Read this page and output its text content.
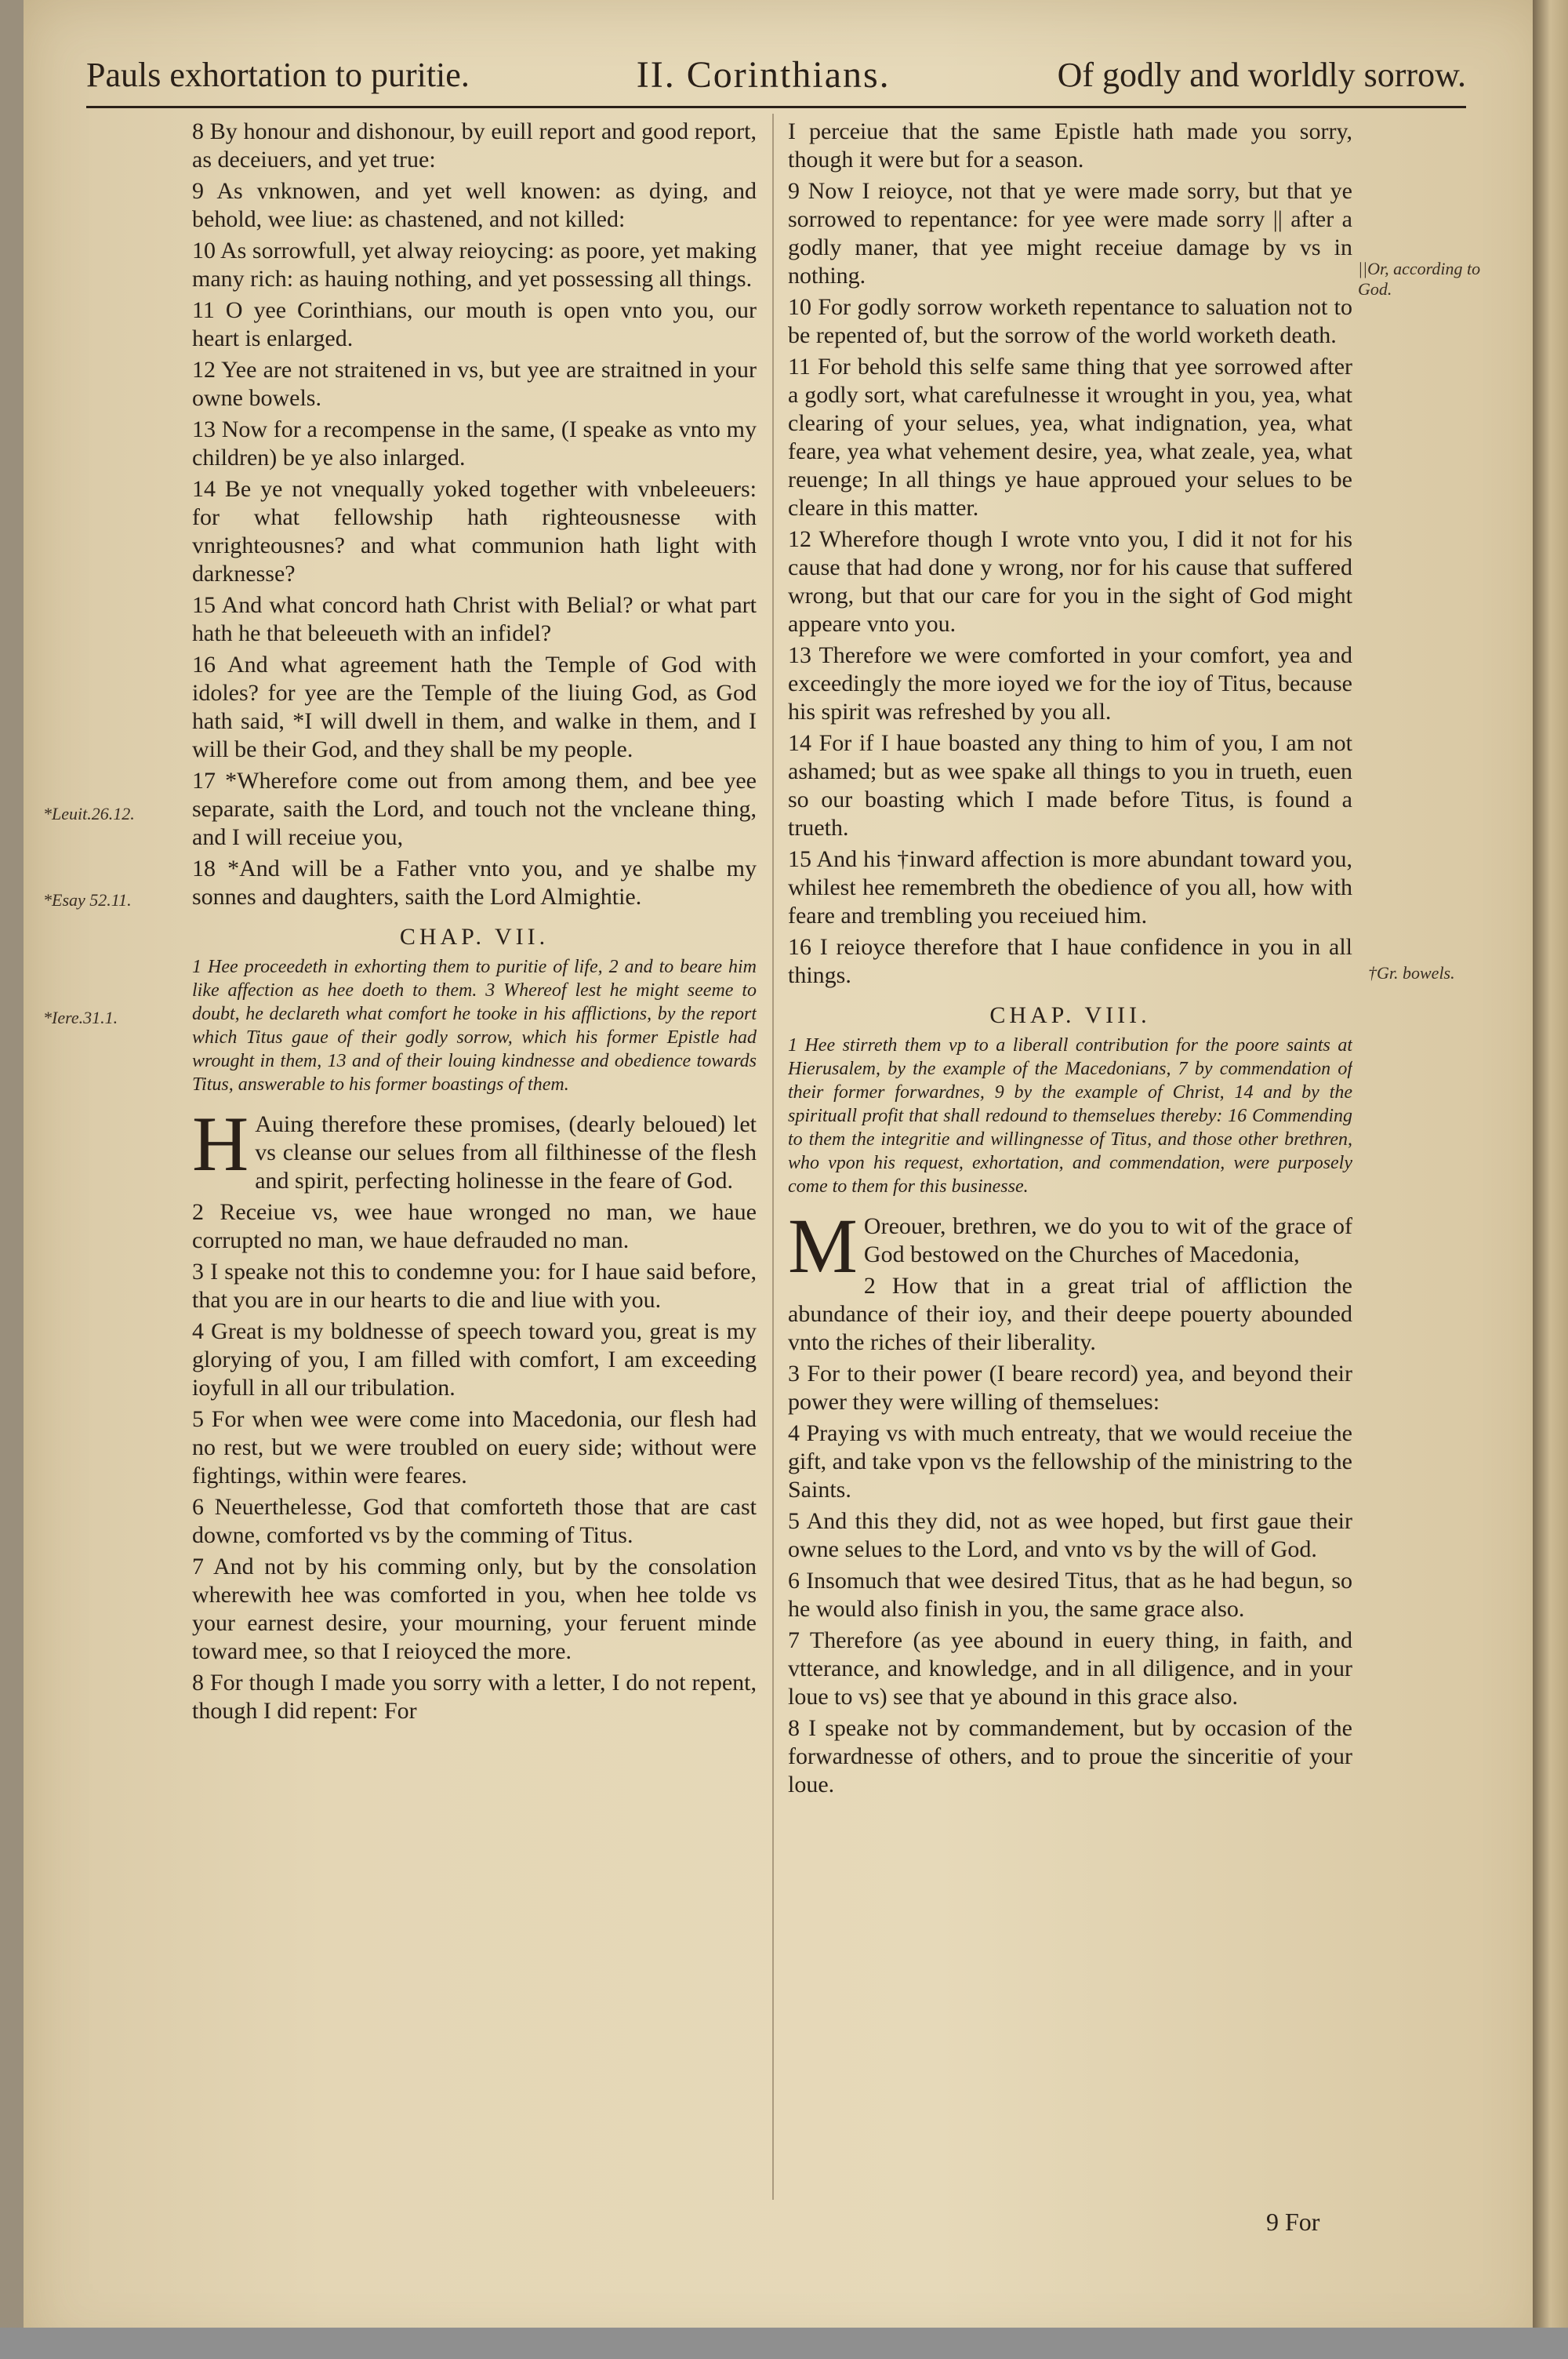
Pauls exhortation to puritie.	II. Corinthians.	Of godly and worldly sorrow.

8 By honour and dishonour, by euill report and good report, as deceiuers, and yet true:

9 As vnknowen, and yet well knowen: as dying, and behold, wee liue: as chastened, and not killed:

10 As sorrowfull, yet alway reioycing: as poore, yet making many rich: as hauing nothing, and yet possessing all things.

11 O yee Corinthians, our mouth is open vnto you, our heart is enlarged.

12 Yee are not straitened in vs, but yee are straitned in your owne bowels.

13 Now for a recompense in the same, (I speake as vnto my children) be ye also inlarged.

14 Be ye not vnequally yoked together with vnbeleeuers: for what fellowship hath righteousnesse with vnrighteousnes? and what communion hath light with darknesse?

15 And what concord hath Christ with Belial? or what part hath he that beleeueth with an infidel?

16 And what agreement hath the Temple of God with idoles? for yee are the Temple of the liuing God, as God hath said, *I will dwell in them, and walke in them, and I will be their God, and they shall be my people.

17 *Wherefore come out from among them, and bee yee separate, saith the Lord, and touch not the vncleane thing, and I will receiue you,

18 *And will be a Father vnto you, and ye shalbe my sonnes and daughters, saith the Lord Almightie.

CHAP. VII.
1 Hee proceedeth in exhorting them to puritie of life, 2 and to beare him like affection as hee doeth to them. 3 Whereof lest he might seeme to doubt, he declareth what comfort he tooke in his afflictions, by the report which Titus gaue of their godly sorrow, which his former Epistle had wrought in them, 13 and of their louing kindnesse and obedience towards Titus, answerable to his former boastings of them.

H Auing therefore these promises, (dearly beloued) let vs cleanse our selues from all filthinesse of the flesh and spirit, perfecting holinesse in the feare of God.

2 Receiue vs, wee haue wronged no man, we haue corrupted no man, we haue defrauded no man.

3 I speake not this to condemne you: for I haue said before, that you are in our hearts to die and liue with you.

4 Great is my boldnesse of speech toward you, great is my glorying of you, I am filled with comfort, I am exceeding ioyfull in all our tribulation.

5 For when wee were come into Macedonia, our flesh had no rest, but we were troubled on euery side; without were fightings, within were feares.

6 Neuerthelesse, God that comforteth those that are cast downe, comforted vs by the comming of Titus.

7 And not by his comming only, but by the consolation wherewith hee was comforted in you, when hee tolde vs your earnest desire, your mourning, your feruent minde toward mee, so that I reioyced the more.

8 For though I made you sorry with a letter, I do not repent, though I did repent: For

I perceiue that the same Epistle hath made you sorry, though it were but for a season.

9 Now I reioyce, not that ye were made sorry, but that ye sorrowed to repentance: for yee were made sorry || after a godly maner, that yee might receiue damage by vs in nothing.

10 For godly sorrow worketh repentance to saluation not to be repented of, but the sorrow of the world worketh death.

11 For behold this selfe same thing that yee sorrowed after a godly sort, what carefulnesse it wrought in you, yea, what clearing of your selues, yea, what indignation, yea, what feare, yea what vehement desire, yea, what zeale, yea, what reuenge; In all things ye haue approued your selues to be cleare in this matter.

12 Wherefore though I wrote vnto you, I did it not for his cause that had done y wrong, nor for his cause that suffered wrong, but that our care for you in the sight of God might appeare vnto you.

13 Therefore we were comforted in your comfort, yea and exceedingly the more ioyed we for the ioy of Titus, because his spirit was refreshed by you all.

14 For if I haue boasted any thing to him of you, I am not ashamed; but as wee spake all things to you in trueth, euen so our boasting which I made before Titus, is found a trueth.

15 And his †inward affection is more abundant toward you, whilest hee remembreth the obedience of you all, how with feare and trembling you receiued him.

16 I reioyce therefore that I haue confidence in you in all things.

CHAP. VIII.
1 Hee stirreth them vp to a liberall contribution for the poore saints at Hierusalem, by the example of the Macedonians, 7 by commendation of their former forwardnes, 9 by the example of Christ, 14 and by the spirituall profit that shall redound to themselues thereby: 16 Commending to them the integritie and willingnesse of Titus, and those other brethren, who vpon his request, exhortation, and commendation, were purposely come to them for this businesse.

M Oreouer, brethren, we do you to wit of the grace of God bestowed on the Churches of Macedonia,

2 How that in a great trial of affliction the abundance of their ioy, and their deepe pouerty abounded vnto the riches of their liberality.

3 For to their power (I beare record) yea, and beyond their power they were willing of themselues:

4 Praying vs with much entreaty, that we would receiue the gift, and take vpon vs the fellowship of the ministring to the Saints.

5 And this they did, not as wee hoped, but first gaue their owne selues to the Lord, and vnto vs by the will of God.

6 Insomuch that wee desired Titus, that as he had begun, so he would also finish in you, the same grace also.

7 Therefore (as yee abound in euery thing, in faith, and vtterance, and knowledge, and in all diligence, and in your loue to vs) see that ye abound in this grace also.

8 I speake not by commandement, but by occasion of the forwardnesse of others, and to proue the sinceritie of your loue.

*Leuit.26.12.
*Esay 52.11.
*Iere.31.1.
||Or, according to God.
†Gr. bowels.
9 For
